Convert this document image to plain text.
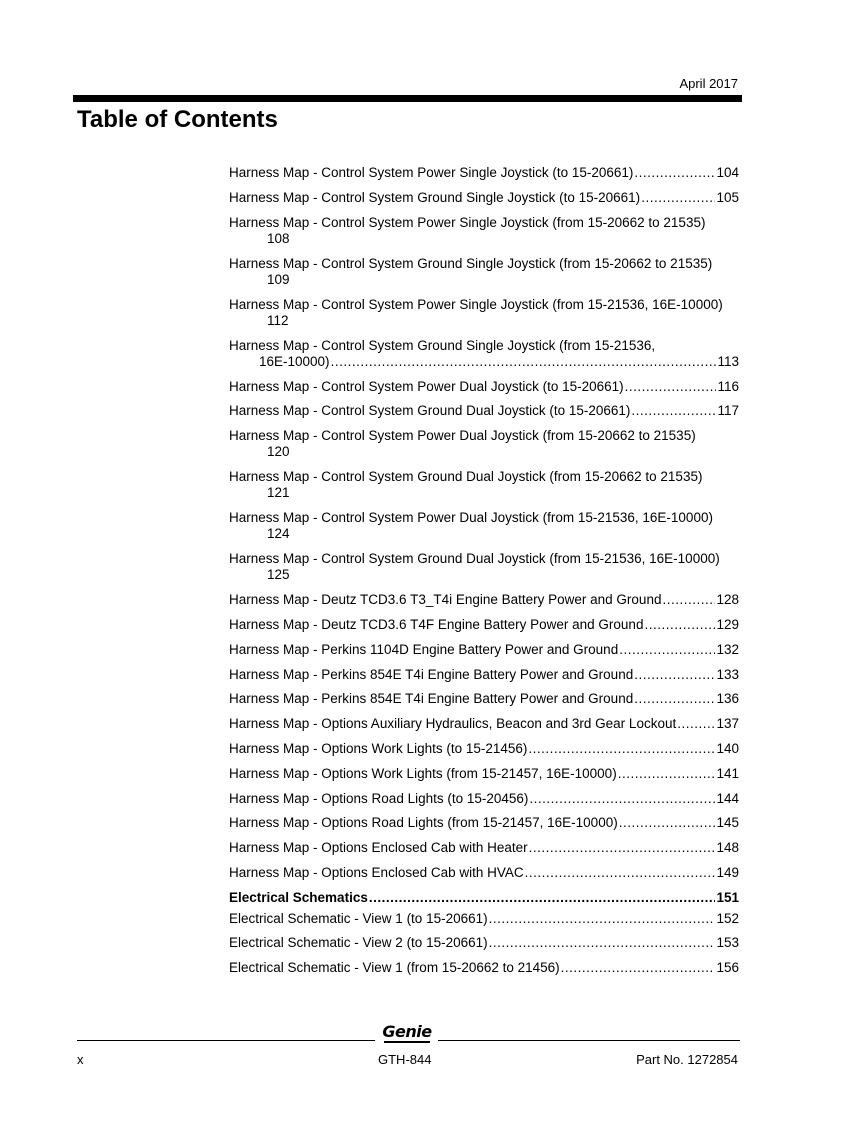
April 2017
Table of Contents
Harness Map - Control System Power Single Joystick (to 15-20661) .....	104
Harness Map - Control System Ground Single Joystick (to 15-20661) .....	105
Harness Map - Control System Power Single Joystick (from 15-20662 to 21535)
108
Harness Map - Control System Ground Single Joystick (from 15-20662 to 21535)
109
Harness Map - Control System Power Single Joystick (from 15-21536, 16E-10000)
112
Harness Map - Control System Ground Single Joystick (from 15-21536,
16E-10000) .....	113
Harness Map - Control System Power Dual Joystick (to 15-20661) .....	116
Harness Map - Control System Ground Dual Joystick (to 15-20661) .....	117
Harness Map - Control System Power Dual Joystick (from 15-20662 to 21535)
120
Harness Map - Control System Ground Dual Joystick (from 15-20662 to 21535)
121
Harness Map - Control System Power Dual Joystick (from 15-21536, 16E-10000)
124
Harness Map - Control System Ground Dual Joystick (from 15-21536, 16E-10000)
125
Harness Map - Deutz TCD3.6 T3_T4i Engine Battery Power and Ground .....	128
Harness Map - Deutz TCD3.6 T4F Engine Battery Power and Ground .....	129
Harness Map - Perkins 1104D Engine Battery Power and Ground .....	132
Harness Map - Perkins 854E T4i Engine Battery Power and Ground .....	133
Harness Map - Perkins 854E T4i Engine Battery Power and Ground .....	136
Harness Map - Options Auxiliary Hydraulics, Beacon and 3rd Gear Lockout .....	137
Harness Map - Options Work Lights (to 15-21456) .....	140
Harness Map - Options Work Lights (from 15-21457, 16E-10000) .....	141
Harness Map - Options Road Lights (to 15-20456) .....	144
Harness Map - Options Road Lights (from 15-21457, 16E-10000) .....	145
Harness Map - Options Enclosed Cab with Heater .....	148
Harness Map - Options Enclosed Cab with HVAC .....	149
Electrical Schematics .....	151
Electrical Schematic - View 1 (to 15-20661) .....	152
Electrical Schematic - View 2 (to 15-20661) .....	153
Electrical Schematic - View 1 (from 15-20662 to 21456) .....	156
Genie
x	GTH-844	Part No. 1272854
